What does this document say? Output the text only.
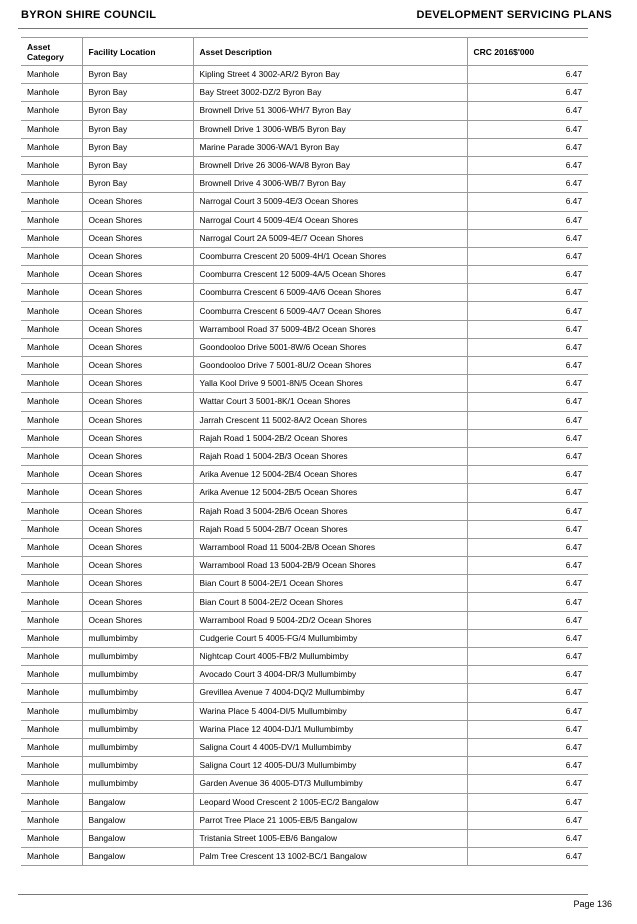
BYRON SHIRE COUNCIL	DEVELOPMENT SERVICING PLANS
Asset Category	Facility Location	Asset Description	CRC 2016$'000
Manhole	Byron Bay	Kipling Street 4 3002-AR/2 Byron Bay	6.47
Manhole	Byron Bay	Bay Street 3002-DZ/2 Byron Bay	6.47
Manhole	Byron Bay	Brownell Drive 51 3006-WH/7 Byron Bay	6.47
Manhole	Byron Bay	Brownell Drive 1 3006-WB/5 Byron Bay	6.47
Manhole	Byron Bay	Marine Parade 3006-WA/1 Byron Bay	6.47
Manhole	Byron Bay	Brownell Drive 26 3006-WA/8 Byron Bay	6.47
Manhole	Byron Bay	Brownell Drive 4 3006-WB/7 Byron Bay	6.47
Manhole	Ocean Shores	Narrogal Court 3 5009-4E/3 Ocean Shores	6.47
Manhole	Ocean Shores	Narrogal Court 4 5009-4E/4 Ocean Shores	6.47
Manhole	Ocean Shores	Narrogal Court 2A 5009-4E/7 Ocean Shores	6.47
Manhole	Ocean Shores	Coomburra Crescent 20 5009-4H/1 Ocean Shores	6.47
Manhole	Ocean Shores	Coomburra Crescent 12 5009-4A/5 Ocean Shores	6.47
Manhole	Ocean Shores	Coomburra Crescent 6 5009-4A/6 Ocean Shores	6.47
Manhole	Ocean Shores	Coomburra Crescent 6 5009-4A/7 Ocean Shores	6.47
Manhole	Ocean Shores	Warrambool Road 37 5009-4B/2 Ocean Shores	6.47
Manhole	Ocean Shores	Goondooloo Drive 5001-8W/6 Ocean Shores	6.47
Manhole	Ocean Shores	Goondooloo Drive 7 5001-8U/2 Ocean Shores	6.47
Manhole	Ocean Shores	Yalla Kool Drive 9 5001-8N/5 Ocean Shores	6.47
Manhole	Ocean Shores	Wattar Court 3 5001-8K/1 Ocean Shores	6.47
Manhole	Ocean Shores	Jarrah Crescent 11 5002-8A/2 Ocean Shores	6.47
Manhole	Ocean Shores	Rajah Road 1 5004-2B/2 Ocean Shores	6.47
Manhole	Ocean Shores	Rajah Road 1 5004-2B/3 Ocean Shores	6.47
Manhole	Ocean Shores	Arika Avenue 12 5004-2B/4 Ocean Shores	6.47
Manhole	Ocean Shores	Arika Avenue 12 5004-2B/5 Ocean Shores	6.47
Manhole	Ocean Shores	Rajah Road 3 5004-2B/6 Ocean Shores	6.47
Manhole	Ocean Shores	Rajah Road 5 5004-2B/7 Ocean Shores	6.47
Manhole	Ocean Shores	Warrambool Road 11 5004-2B/8 Ocean Shores	6.47
Manhole	Ocean Shores	Warrambool Road 13 5004-2B/9 Ocean Shores	6.47
Manhole	Ocean Shores	Bian Court 8 5004-2E/1 Ocean Shores	6.47
Manhole	Ocean Shores	Bian Court 8 5004-2E/2 Ocean Shores	6.47
Manhole	Ocean Shores	Warrambool Road 9 5004-2D/2 Ocean Shores	6.47
Manhole	mullumbimby	Cudgerie Court 5 4005-FG/4 Mullumbimby	6.47
Manhole	mullumbimby	Nightcap Court 4005-FB/2 Mullumbimby	6.47
Manhole	mullumbimby	Avocado Court 3 4004-DR/3 Mullumbimby	6.47
Manhole	mullumbimby	Grevillea Avenue 7 4004-DQ/2 Mullumbimby	6.47
Manhole	mullumbimby	Warina Place 5 4004-DI/5 Mullumbimby	6.47
Manhole	mullumbimby	Warina Place 12 4004-DJ/1 Mullumbimby	6.47
Manhole	mullumbimby	Saligna Court 4 4005-DV/1 Mullumbimby	6.47
Manhole	mullumbimby	Saligna Court 12 4005-DU/3 Mullumbimby	6.47
Manhole	mullumbimby	Garden Avenue 36 4005-DT/3 Mullumbimby	6.47
Manhole	Bangalow	Leopard Wood Crescent 2 1005-EC/2 Bangalow	6.47
Manhole	Bangalow	Parrot Tree Place 21 1005-EB/5 Bangalow	6.47
Manhole	Bangalow	Tristania Street 1005-EB/6 Bangalow	6.47
Manhole	Bangalow	Palm Tree Crescent 13 1002-BC/1 Bangalow	6.47
Page 136
